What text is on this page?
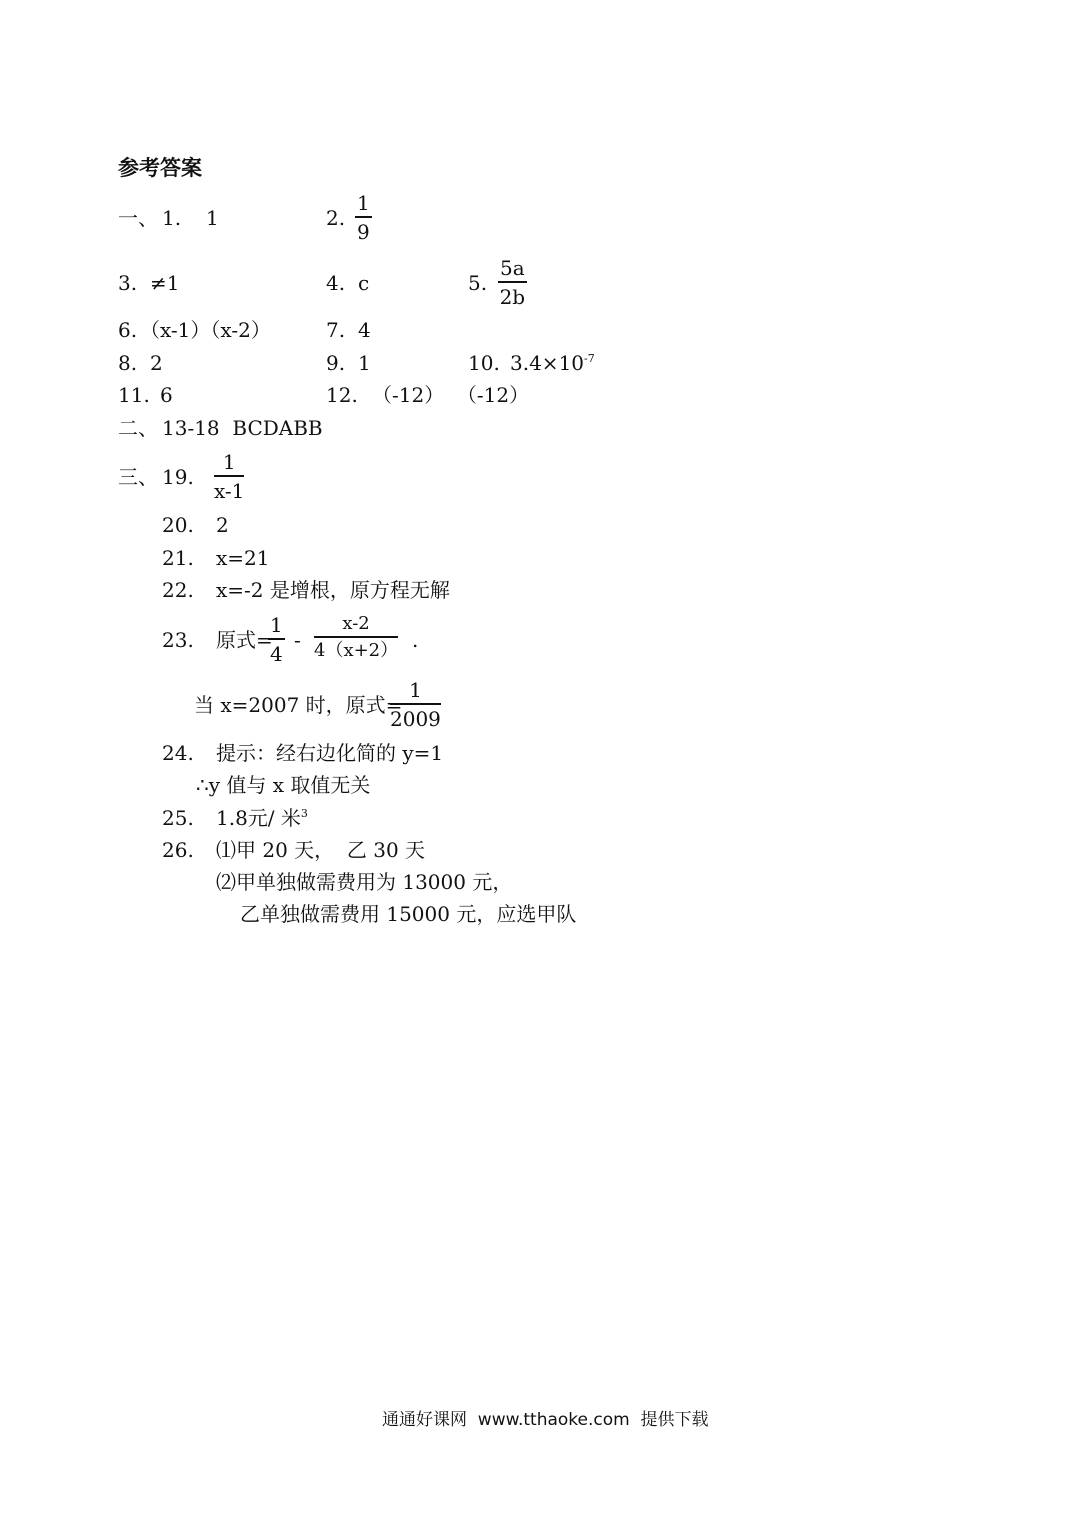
参考答案
一、 1. 1	2. $\frac{1}{9}$
3. ≠1	4. c	5. $\frac{5a}{2b}$
6. （x-1）（x-2）	7. 4
8. 2	9. 1	10. $3.4\times 10^{-7}$
11. 6	12. （-12）  （-12）
二、 13-18  BCDABB
三、 19. $\frac{1}{x-1}$
20. 2
21. x=21
22. x=-2 是增根，原方程无解
23. 原式=
$\frac{1}{4} - \frac{x-2}{4(x+2)}$ .
当 x=2007 时，原式=
$\frac{1}{2009}$
24. 提示：经右边化简的 y=1
∴y 值与 x 取值无关
25. 1.8元/ 米$^3$
26. ⑴甲 20 天，  乙 30 天
⑵甲单独做需费用为 13000 元，
乙单独做需费用 15000 元，应选甲队
通通好课网  www.tthaoke.com  提供下载
